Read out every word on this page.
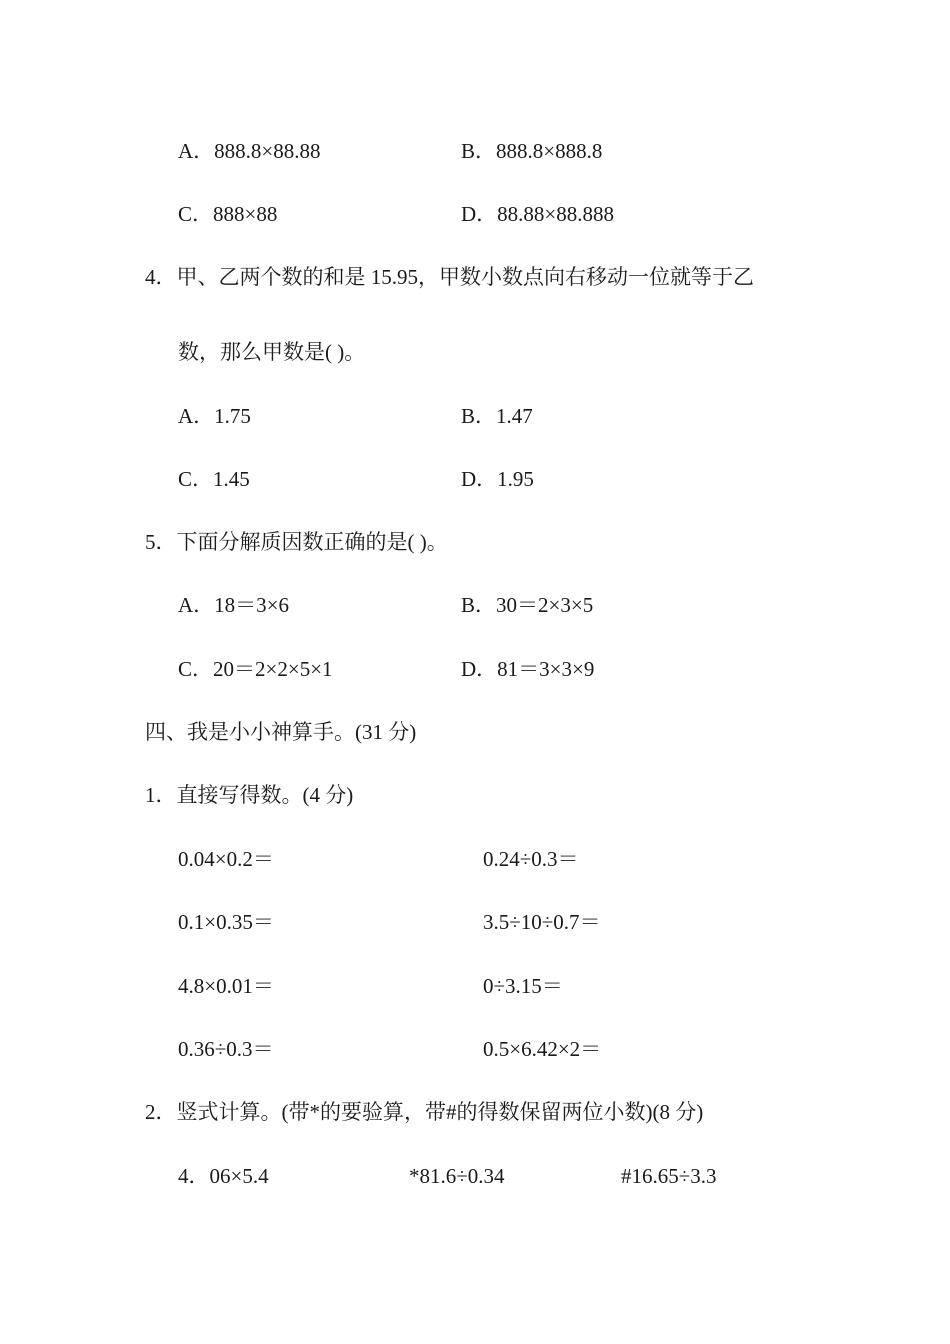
A．888.8×88.88	B．888.8×888.8
C．888×88	D．88.88×88.888
4．甲、乙两个数的和是 15.95，甲数小数点向右移动一位就等于乙
数，那么甲数是( )。
A．1.75	B．1.47
C．1.45	D．1.95
5．下面分解质因数正确的是( )。
A．18＝3×6	B．30＝2×3×5
C．20＝2×2×5×1	D．81＝3×3×9
四、我是小小神算手。(31 分)
1．直接写得数。(4 分)
0.04×0.2＝	0.24÷0.3＝
0.1×0.35＝	3.5÷10÷0.7＝
4.8×0.01＝	0÷3.15＝
0.36÷0.3＝	0.5×6.42×2＝
2．竖式计算。(带*的要验算，带#的得数保留两位小数)(8 分)
4．06×5.4	*81.6÷0.34	#16.65÷3.3
